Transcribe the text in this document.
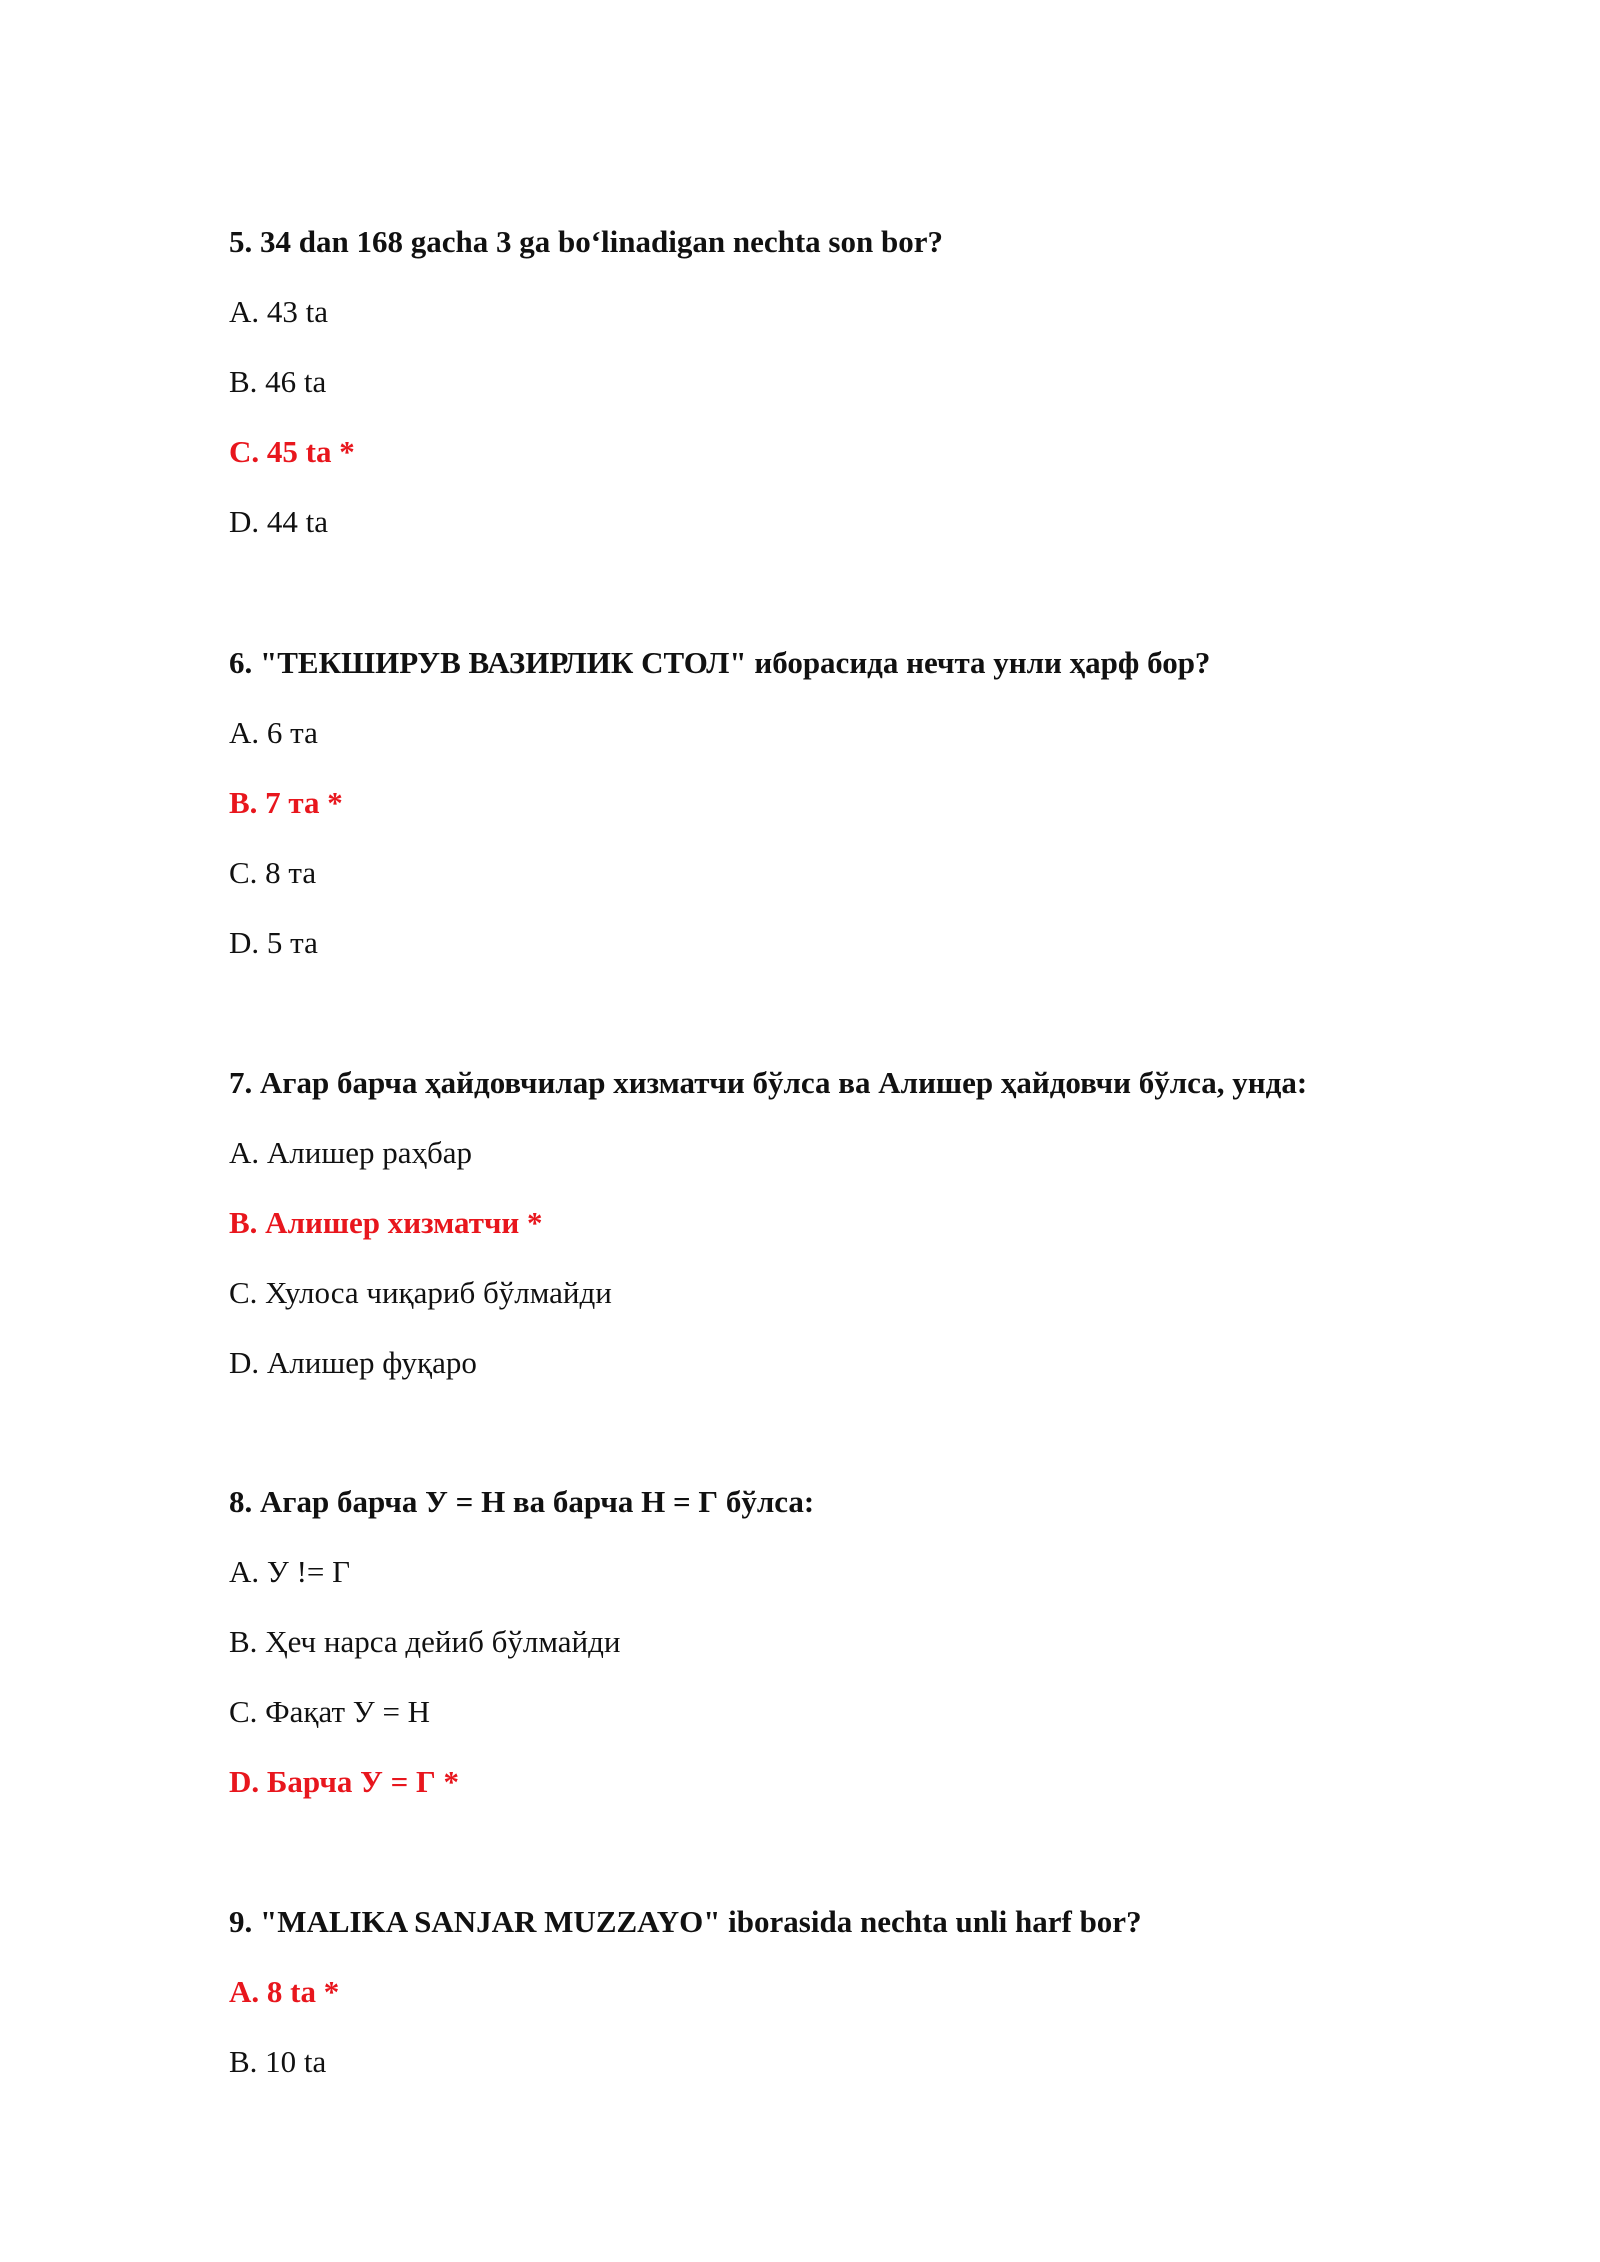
5. 34 dan 168 gacha 3 ga bo‘linadigan nechta son bor?
A. 43 ta
B. 46 ta
C. 45 ta *
D. 44 ta
6. "ТЕКШИРУВ ВАЗИРЛИК СТОЛ" иборасида нечта унли ҳарф бор?
A. 6 та
B. 7 та *
C. 8 та
D. 5 та
7. Агар барча ҳайдовчилар хизматчи бўлса ва Алишер ҳайдовчи бўлса, унда:
A. Алишер раҳбар
B. Алишер хизматчи *
C. Хулоса чиқариб бўлмайди
D. Алишер фуқаро
8. Агар барча У = Н ва барча Н = Г бўлса:
A. У != Г
B. Ҳеч нарса дейиб бўлмайди
C. Фақат У = Н
D. Барча У = Г *
9. "MALIKA SANJAR MUZZAYO" iborasida nechta unli harf bor?
A. 8 ta *
B. 10 ta
